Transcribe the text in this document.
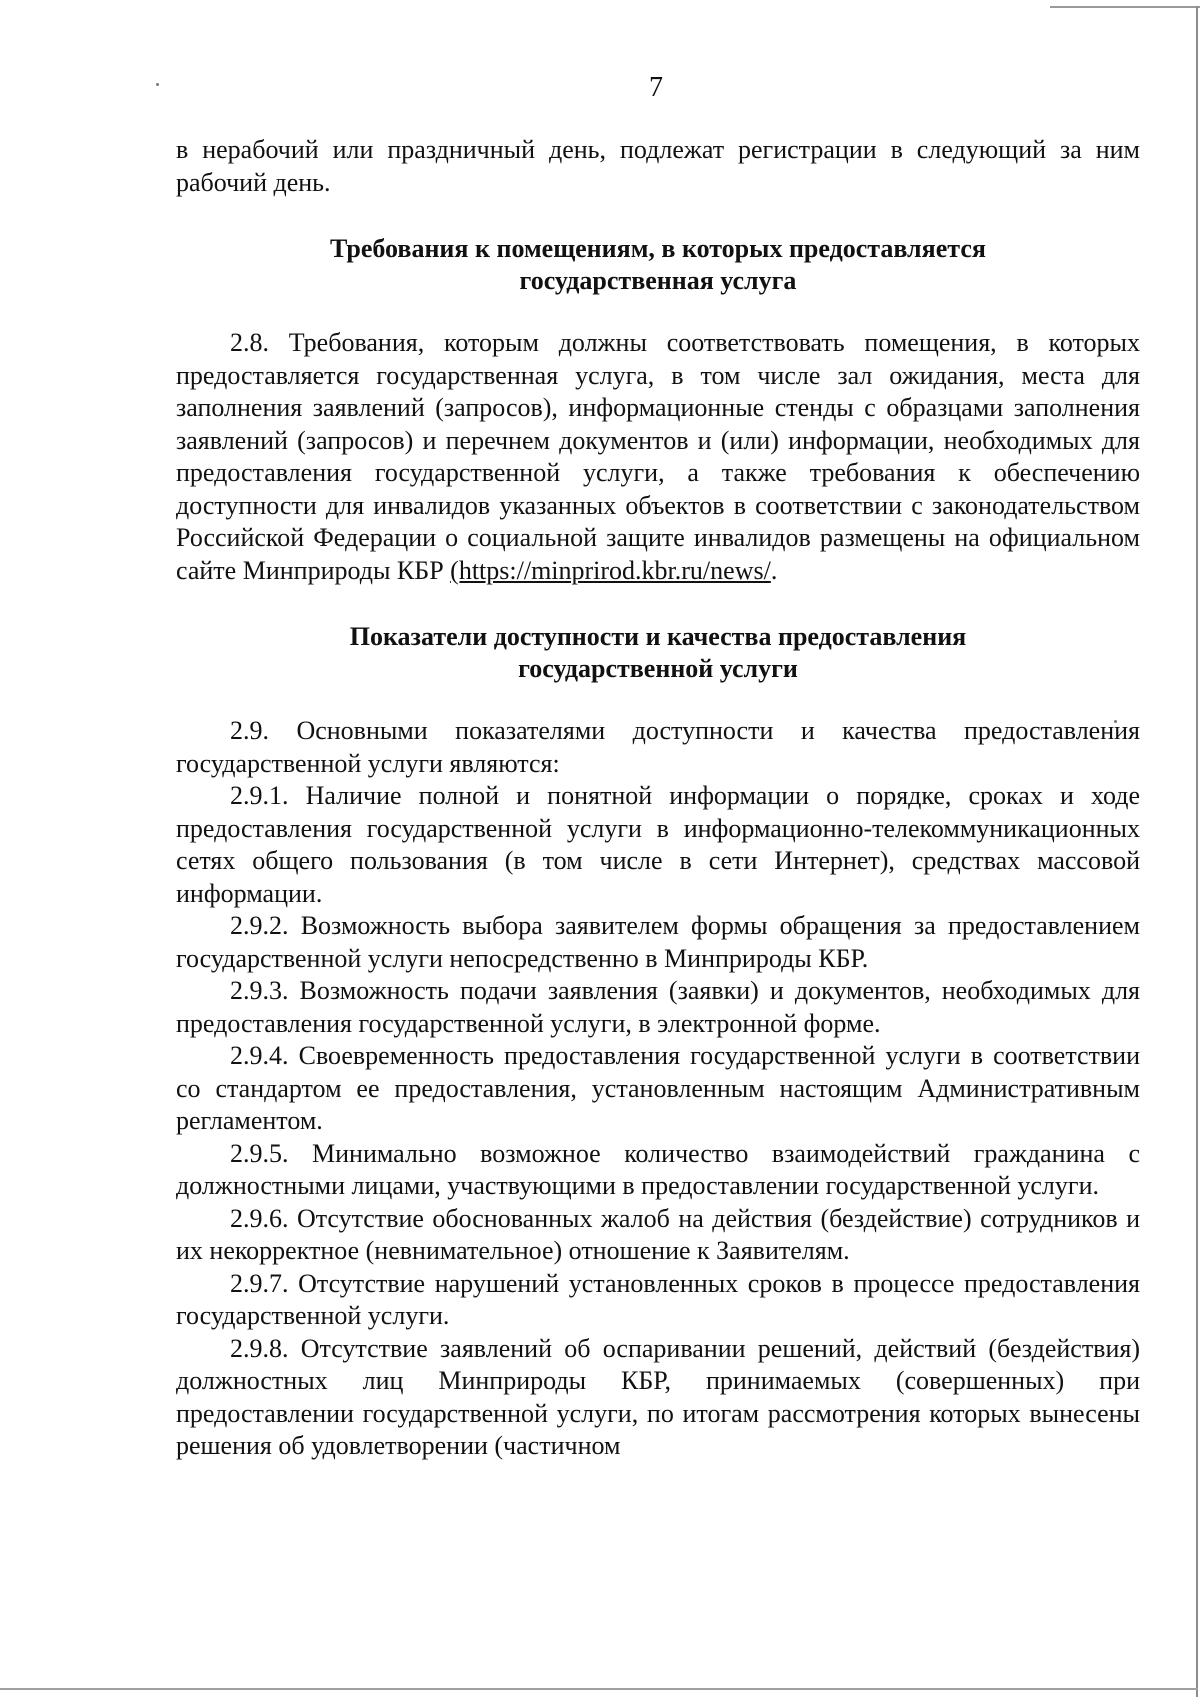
7

в нерабочий или праздничный день, подлежат регистрации в следующий за ним рабочий день.

Требования к помещениям, в которых предоставляется
государственная услуга

2.8. Требования, которым должны соответствовать помещения, в которых предоставляется государственная услуга, в том числе зал ожидания, места для заполнения заявлений (запросов), информационные стенды с образцами заполнения заявлений (запросов) и перечнем документов и (или) информации, необходимых для предоставления государственной услуги, а также требования к обеспечению доступности для инвалидов указанных объектов в соответствии с законодательством Российской Федерации о социальной защите инвалидов размещены на официальном сайте Минприроды КБР (https://minprirod.kbr.ru/news/.

Показатели доступности и качества предоставления
государственной услуги

2.9. Основными показателями доступности и качества предоставления государственной услуги являются:

2.9.1. Наличие полной и понятной информации о порядке, сроках и ходе предоставления государственной услуги в информационно-телекоммуникационных сетях общего пользования (в том числе в сети Интернет), средствах массовой информации.

2.9.2. Возможность выбора заявителем формы обращения за предоставлением государственной услуги непосредственно в Минприроды КБР.

2.9.3. Возможность подачи заявления (заявки) и документов, необходимых для предоставления государственной услуги, в электронной форме.

2.9.4. Своевременность предоставления государственной услуги в соответствии со стандартом ее предоставления, установленным настоящим Административным регламентом.

2.9.5. Минимально возможное количество взаимодействий гражданина с должностными лицами, участвующими в предоставлении государственной услуги.

2.9.6. Отсутствие обоснованных жалоб на действия (бездействие) сотрудников и их некорректное (невнимательное) отношение к Заявителям.

2.9.7. Отсутствие нарушений установленных сроков в процессе предоставления государственной услуги.

2.9.8. Отсутствие заявлений об оспаривании решений, действий (бездействия) должностных лиц Минприроды КБР, принимаемых (совершенных) при предоставлении государственной услуги, по итогам рассмотрения которых вынесены решения об удовлетворении (частичном
